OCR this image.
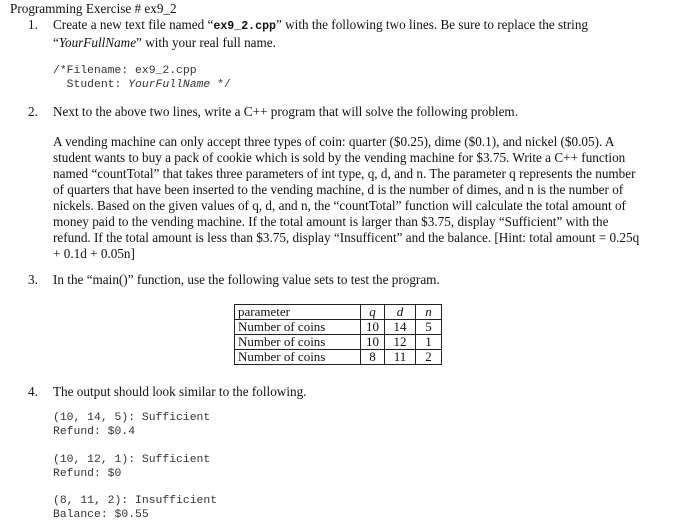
Programming Exercise # ex9_2
1. Create a new text file named “ex9_2.cpp” with the following two lines. Be sure to replace the string

“YourFullName” with your real full name.

/*Filename: ex9_2.cpp
Student: YourFullName */
2. Next to the above two lines, write a C++ program that will solve the following problem.

A vending machine can only accept three types of coin: quarter ($0.25), dime ($0.1), and nickel ($0.05). A

student wants to buy a pack of cookie which is sold by the vending machine for $3.75. Write a C++ function

named “countTotal” that takes three parameters of int type, q, d, and n. The parameter q represents the number

of quarters that have been inserted to the vending machine, d is the number of dimes, and n is the number of

nickels. Based on the given values of q, d, and n, the “countTotal” function will calculate the total amount of

money paid to the vending machine. If the total amount is larger than $3.75, display “Sufficient” with the

refund. If the total amount is less than $3.75, display “Insufficent” and the balance. [Hint: total amount = 0.25q

+ 0.1d + 0.05n]

3. In the “main()” function, use the following value sets to test the program.
parameter	q	d	n
Number of coins	10	14	5
Number of coins	10	12	1
Number of coins	8	11	2
4. The output should look similar to the following.
(10, 14, 5): Sufficient
Refund: $0.4
(10, 12, 1): Sufficient
Refund: $0
(8, 11, 2): Insufficient
Balance: $0.55
